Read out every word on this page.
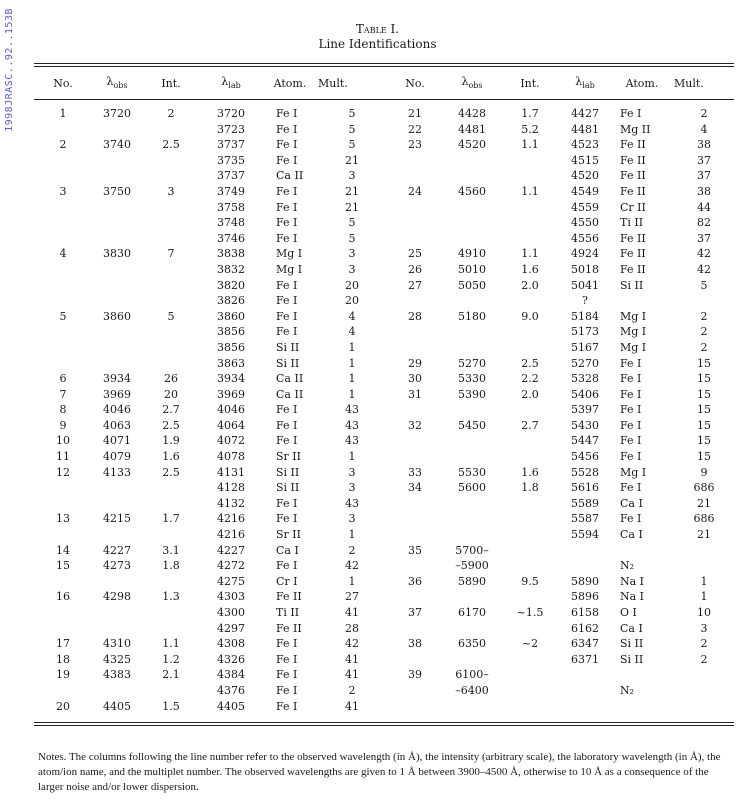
1998JRASC..92..153B	Table I.
Line Identifications
No.	$\lambda_{obs}$	Int.	$\lambda_{lab}$	Atom.	Mult.	No.	$\lambda_{obs}$	Int.	$\lambda_{lab}$	Atom.	Mult.

1	3720	2	3720	Fe I	5	21	4428	1.7	4427	Fe I	2
			3723	Fe I	5	22	4481	5.2	4481	Mg II	4
2	3740	2.5	3737	Fe I	5	23	4520	1.1	4523	Fe II	38
			3735	Fe I	21				4515	Fe II	37
			3737	Ca II	3				4520	Fe II	37
3	3750	3	3749	Fe I	21	24	4560	1.1	4549	Fe II	38
			3758	Fe I	21				4559	Cr II	44
			3748	Fe I	5				4550	Ti II	82
			3746	Fe I	5				4556	Fe II	37
4	3830	7	3838	Mg I	3	25	4910	1.1	4924	Fe II	42
			3832	Mg I	3	26	5010	1.6	5018	Fe II	42
			3820	Fe I	20	27	5050	2.0	5041	Si II	5
			3826	Fe I	20				?		
5	3860	5	3860	Fe I	4	28	5180	9.0	5184	Mg I	2
			3856	Fe I	4				5173	Mg I	2
			3856	Si II	1				5167	Mg I	2
			3863	Si II	1	29	5270	2.5	5270	Fe I	15
6	3934	26	3934	Ca II	1	30	5330	2.2	5328	Fe I	15
7	3969	20	3969	Ca II	1	31	5390	2.0	5406	Fe I	15
8	4046	2.7	4046	Fe I	43				5397	Fe I	15
9	4063	2.5	4064	Fe I	43	32	5450	2.7	5430	Fe I	15
10	4071	1.9	4072	Fe I	43				5447	Fe I	15
11	4079	1.6	4078	Sr II	1				5456	Fe I	15
12	4133	2.5	4131	Si II	3	33	5530	1.6	5528	Mg I	9
			4128	Si II	3	34	5600	1.8	5616	Fe I	686
			4132	Fe I	43				5589	Ca I	21
13	4215	1.7	4216	Fe I	3				5587	Fe I	686
			4216	Sr II	1				5594	Ca I	21
14	4227	3.1	4227	Ca I	2	35	5700–				
15	4273	1.8	4272	Fe I	42		–5900			N₂	
			4275	Cr I	1	36	5890	9.5	5890	Na I	1
16	4298	1.3	4303	Fe II	27				5896	Na I	1
			4300	Ti II	41	37	6170	~1.5	6158	O I	10
			4297	Fe II	28				6162	Ca I	3
17	4310	1.1	4308	Fe I	42	38	6350	~2	6347	Si II	2
18	4325	1.2	4326	Fe I	41				6371	Si II	2
19	4383	2.1	4384	Fe I	41	39	6100–				
			4376	Fe I	2		–6400			N₂	
20	4405	1.5	4405	Fe I	41						
Notes. The columns following the line number refer to the observed wavelength (in Å), the intensity (arbitrary scale), the laboratory wavelength (in Å), the atom/ion name, and the multiplet number. The observed wavelengths are given to 1 Å between 3900–4500 Å, otherwise to 10 Å as a consequence of the larger noise and/or lower dispersion.
